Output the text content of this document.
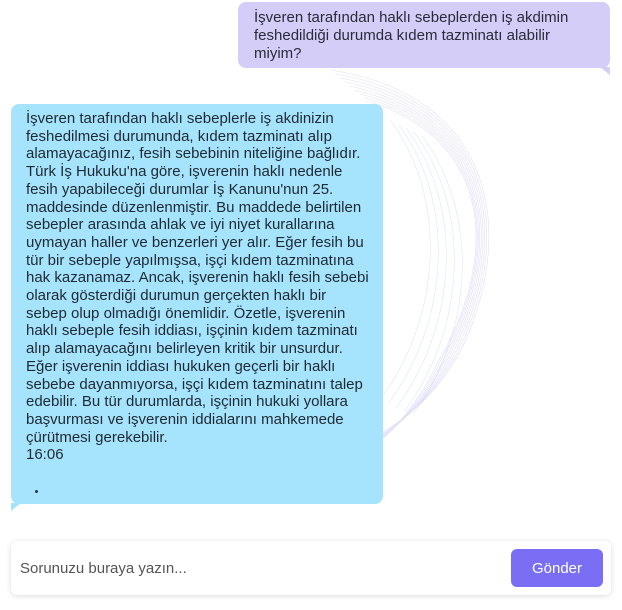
İşveren tarafından haklı sebeplerden iş akdimin feshedildiği durumda kıdem tazminatı alabilir miyim?
İşveren tarafından haklı sebeplerle iş akdinizin feshedilmesi durumunda, kıdem tazminatı alıp alamayacağınız, fesih sebebinin niteliğine bağlıdır. Türk İş Hukuku'na göre, işverenin haklı nedenle fesih yapabileceği durumlar İş Kanunu'nun 25. maddesinde düzenlenmiştir. Bu maddede belirtilen sebepler arasında ahlak ve iyi niyet kurallarına uymayan haller ve benzerleri yer alır. Eğer fesih bu tür bir sebeple yapılmışsa, işçi kıdem tazminatına hak kazanamaz. Ancak, işverenin haklı fesih sebebi olarak gösterdiği durumun gerçekten haklı bir sebep olup olmadığı önemlidir. Özetle, işverenin haklı sebeple fesih iddiası, işçinin kıdem tazminatı alıp alamayacağını belirleyen kritik bir unsurdur. Eğer işverenin iddiası hukuken geçerli bir haklı sebebe dayanmıyorsa, işçi kıdem tazminatını talep edebilir. Bu tür durumlarda, işçinin hukuki yollara başvurması ve işverenin iddialarını mahkemede çürütmesi gerekebilir.
16:06
Sorunuzu buraya yazın...
Gönder
